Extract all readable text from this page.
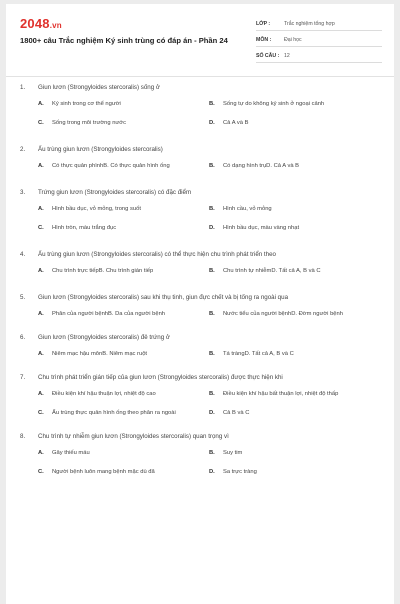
2048.vn
1800+ câu Trắc nghiệm Ký sinh trùng có đáp án - Phần 24
LỚP :	Trắc nghiệm tổng hợp
MÔN :	Đại học
SỐ CÂU : 12
1.	Giun lươn (Strongyloides stercoralis) sống ở
A.	Ký sinh trong cơ thể người	B.	Sống tự do không ký sinh ở ngoại cảnh
C.	Sống trong môi trường nước	D.	Cả A và B
2.	Ấu trùng giun lươn (Strongyloides stercoralis)
A.	Có thực quản phìnhB. Có thực quản hình ống	B.	Có dạng hình trụD. Cả A và B
3.	Trứng giun lươn (Strongyloides stercoralis) có đặc điểm
A.	Hình bầu dục, vỏ mỏng, trong suốt	B.	Hình cầu, vỏ mỏng
C.	Hình tròn, màu trắng đục	D.	Hình bầu dục, màu vàng nhạt
4.	Ấu trùng giun lươn (Strongyloides stercoralis) có thể thực hiện chu trình phát triển theo
A.	Chu trình trực tiếpB. Chu trình gián tiếp	B.	Chu trình tự nhiễmD. Tất cả A, B và C
5.	Giun lươn (Strongyloides stercoralis) sau khi thụ tinh, giun đực chết và bị tống ra ngoài qua
A.	Phân của người bệnhB. Da của người bệnh	B.	Nước tiểu của người bệnhD. Đờm người bệnh
6.	Giun lươn (Strongyloides stercoralis) đẻ trứng ở
A.	Niêm mạc hậu mônB. Niêm mạc ruột	B.	Tá tràngD. Tất cả A, B và C
7.	Chu trình phát triển gián tiếp của giun lươn (Strongyloides stercoralis) được thực hiện khi
A.	Điều kiện khí hậu thuận lợi, nhiệt độ cao	B.	Điều kiện khí hậu bất thuận lợi, nhiệt độ thấp
C.	Ấu trùng thực quản hình ống theo phân ra ngoài	D.	Cả B và C
8.	Chu trình tự nhiễm giun lươn (Strongyloides stercoralis) quan trọng vì
A.	Gây thiếu máu	B.	Suy tim
C.	Người bệnh luôn mang bệnh mặc dù đã	D.	Sa trực tràng
